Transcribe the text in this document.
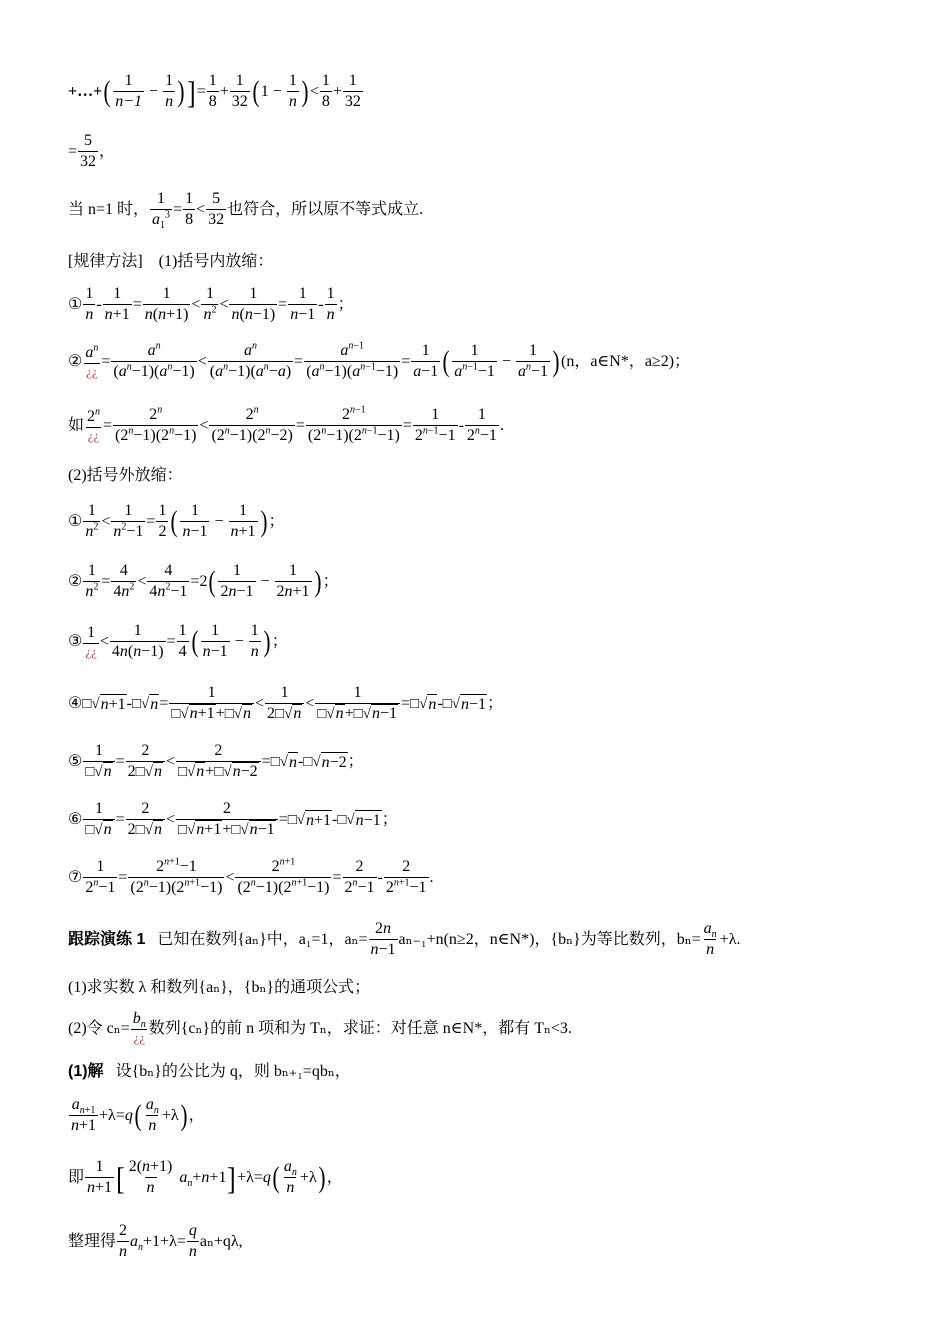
+…+ ( $\frac{1}{n-1} - \frac{1}{n}$ ) ] = $\frac{1}{8} + \frac{1}{32}$ ( $1 - \frac{1}{n}$ ) < $\frac{1}{8} + \frac{1}{32}$
= $\frac{5}{32}$ ，
当 n=1 时， $\frac{1}{a_1^3} = \frac{1}{8} < \frac{5}{32}$ 也符合，所以原不等式成立.
[规律方法]　(1)括号内放缩：
① $\frac{1}{n} - \frac{1}{n+1} = \frac{1}{n(n+1)} < \frac{1}{n^2} < \frac{1}{n(n-1)} = \frac{1}{n-1} - \frac{1}{n}$ ；
② $\frac{a^n}{¿¿} = \frac{a^n}{(a^n-1)(a^n-1)} < \frac{a^n}{(a^n-1)(a^n-a)} = \frac{a^{n-1}}{(a^n-1)(a^{n-1}-1)} = \frac{1}{a-1}$ ( $\frac{1}{a^{n-1}-1} - \frac{1}{a^n-1}$ ) (n，a∈N*，a≥2)；
如 $\frac{2^n}{¿¿} = \frac{2^n}{(2^n-1)(2^n-1)} < \frac{2^n}{(2^n-1)(2^n-2)} = \frac{2^{n-1}}{(2^n-1)(2^{n-1}-1)} = \frac{1}{2^{n-1}-1} - \frac{1}{2^n-1}$ .
(2)括号外放缩：
① $\frac{1}{n^2} < \frac{1}{n^2-1} = \frac{1}{2}$ ( $\frac{1}{n-1} - \frac{1}{n+1}$ ) ；
② $\frac{1}{n^2} = \frac{4}{4n^2} < \frac{4}{4n^2-1} =2$ ( $\frac{1}{2n-1} - \frac{1}{2n+1}$ ) ；
③ $\frac{1}{¿¿} < \frac{1}{4n(n-1)} = \frac{1}{4}$ ( $\frac{1}{n-1} - \frac{1}{n}$ ) ；
④ □√ n+1 - □√ $n = \frac{1}{□√n+1+□√n} < \frac{1}{2□√n} < \frac{1}{□√n+□√n-1}$ = □√ n - □√ n−1 ；
⑤ $\frac{1}{□√n} = \frac{2}{2□√n} < \frac{2}{□√n+□√n-2}$ = □√ n - □√ n−2 ；
⑥ $\frac{1}{□√n} = \frac{2}{2□√n} < \frac{2}{□√n+1+□√n-1}$ = □√ n+1 - □√ n−1 ；
⑦ $\frac{1}{2^n-1} = \frac{2^{n+1}-1}{(2^n-1)(2^{n+1}-1)} < \frac{2^{n+1}}{(2^n-1)(2^{n+1}-1)} = \frac{2}{2^n-1} - \frac{2}{2^{n+1}-1}$ .
跟踪演练 1
已知在数列{aₙ}中，a₁=1，$a_n= \frac{2n}{n-1} a_{n-1}+n(n\ge 2$，n∈N*)，{bₙ}为等比数列，$b_n= \frac{a_n}{n} +\lambda$.
(1)求实数 λ 和数列{aₙ}，{bₙ}的通项公式；
(2)令 $c_n= \frac{b_n}{¿¿}$ 数列{cₙ}的前 n 项和为 Tₙ，求证：对任意 n∈N*，都有 Tₙ<3.
(1)解
设{bₙ}的公比为 q，则 bₙ₊₁=qbₙ，
$\frac{a_{n+1}}{n+1} +\lambda=q$ ( $\frac{a_n}{n} +\lambda$ ) ，
即 $\frac{1}{n+1}$ [ $\frac{2(n+1)}{n} a_n+n+1$ ] +λ=q ( $\frac{a_n}{n} +\lambda$ ) ，
整理得 $\frac{2}{n} a_n+1+\lambda= \frac{q}{n} a_n+q\lambda$,
